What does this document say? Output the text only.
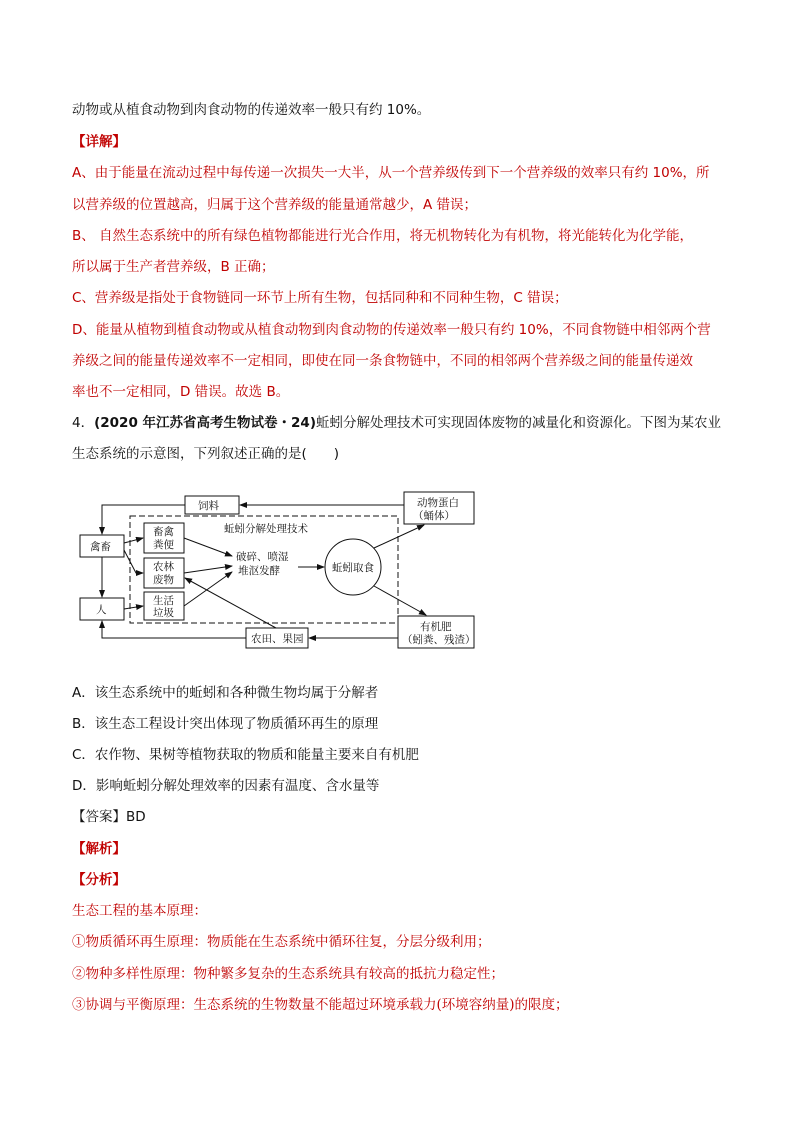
动物或从植食动物到肉食动物的传递效率一般只有约 10%。
【详解】
A、由于能量在流动过程中每传递一次损失一大半，从一个营养级传到下一个营养级的效率只有约 10%，所
以营养级的位置越高，归属于这个营养级的能量通常越少，A 错误；
B、 自然生态系统中的所有绿色植物都能进行光合作用，将无机物转化为有机物，将光能转化为化学能，
所以属于生产者营养级，B 正确；
C、营养级是指处于食物链同一环节上所有生物，包括同种和不同种生物，C 错误；
D、能量从植物到植食动物或从植食动物到肉食动物的传递效率一般只有约 10%，不同食物链中相邻两个营
养级之间的能量传递效率不一定相同，即使在同一条食物链中，不同的相邻两个营养级之间的能量传递效
率也不一定相同，D 错误。故选 B。
4．(2020 年江苏省高考生物试卷・24)蚯蚓分解处理技术可实现固体废物的减量化和资源化。下图为某农业
生态系统的示意图，下列叙述正确的是(　　)
蚯蚓分解处理技术
饲料	动物蛋白
（蛹体）
禽畜
人
畜禽
粪便
农林
废物
生活
垃圾
破碎、喷湿
堆沤发酵	蚯蚓取食
有机肥
（蚓粪、残渣）
农田、果园
A．该生态系统中的蚯蚓和各种微生物均属于分解者
B．该生态工程设计突出体现了物质循环再生的原理
C．农作物、果树等植物获取的物质和能量主要来自有机肥
D．影响蚯蚓分解处理效率的因素有温度、含水量等
【答案】BD
【解析】
【分析】
生态工程的基本原理：
①物质循环再生原理：物质能在生态系统中循环往复，分层分级利用；
②物种多样性原理：物种繁多复杂的生态系统具有较高的抵抗力稳定性；
③协调与平衡原理：生态系统的生物数量不能超过环境承载力(环境容纳量)的限度；
